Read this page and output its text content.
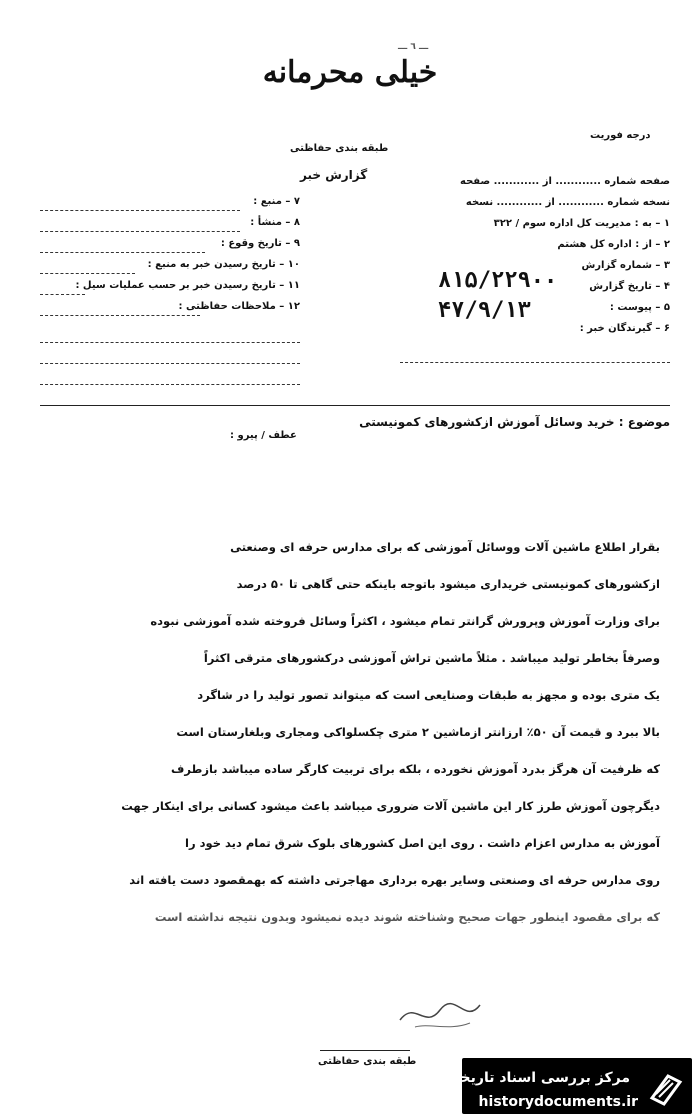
ـــ ٦ ـــ
خیلی محرمانه
درجه فوریت
طبقه بندی حفاظتی
گزارش خبر
۷ – منبع :
۸ – منشأ :
۹ – تاریخ وقوع :
۱۰ – تاریخ رسیدن خبر به منبع :
۱۱ – تاریخ رسیدن خبر بر حسب عملیات سیل :
۱۲ – ملاحظات حفاظتی :
صفحه شماره ............ از ............ صفحه
نسخه شماره ............ از ............ نسخه
۱ – به : مدیریت کل اداره سوم / ۳۲۲
۲ – از : اداره کل هشتم
۳ – شماره گزارش
۴ – تاریخ گزارش
۵ – پیوست :
۶ – گیرندگان خبر :
۸۱۵/۲۲۹۰۰
۴۷/۹/۱۳
موضوع : خرید وسائل آموزش ازکشورهای کمونیستی
عطف / پیرو :
بقرار اطلاع ماشین آلات ووسائل آموزشی که برای مدارس حرفه ای وصنعتی
ازکشورهای کمونیستی خریداری میشود باتوجه باینکه حتی گاهی تا ۵۰ درصد
برای وزارت آموزش وپرورش گرانتر تمام میشود ، اکثراً وسائل فروخته شده آموزشی نبوده
وصرفاً بخاطر تولید میباشد . مثلاً ماشین تراش آموزشی درکشورهای مترقی اکثراً
یک متری بوده و مجهز به طبقات وصنایعی است که میتواند تصور تولید را در شاگرد
بالا ببرد و قیمت آن ۵۰٪ ارزانتر ازماشین ۲ متری چکسلواکی ومجاری وبلغارستان است
که ظرفیت آن هرگز بدرد آموزش نخورده ، بلکه برای تربیت کارگر ساده میباشد بازطرف
دیگرچون آموزش طرز کار این ماشین آلات ضروری میباشد باعث میشود کسانی برای اینکار جهت
آموزش به مدارس اعزام داشت . روی این اصل کشورهای بلوک شرق تمام دید خود را
روی مدارس حرفه ای وصنعتی وسایر بهره برداری مهاجرتی داشته که بهمقصود دست یافته اند
که برای مقصود اینطور جهات صحیح وشناخته شوند دیده نمیشود وبدون نتیجه نداشته است
طبقه بندی حفاظتی
مرکز بررسی اسناد تاریخی
historydocuments.ir
